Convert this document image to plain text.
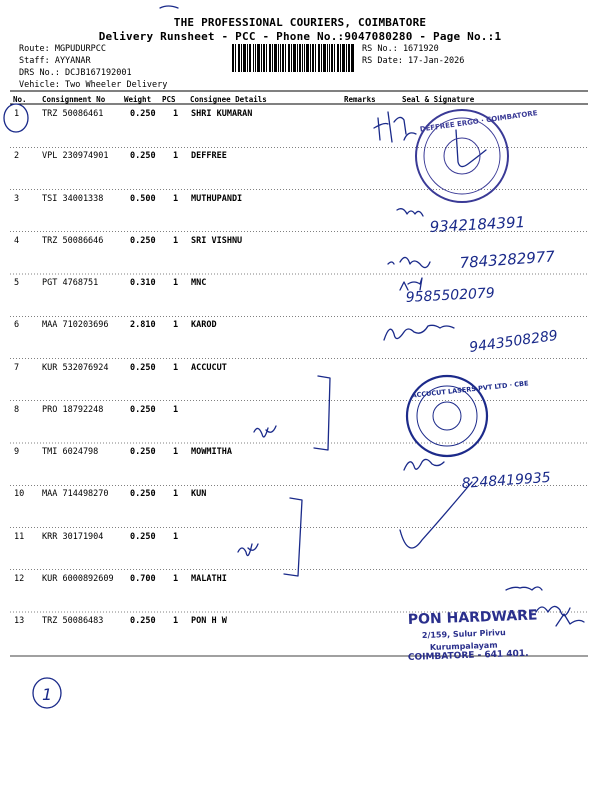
THE PROFESSIONAL COURIERS, COIMBATORE
Delivery Runsheet - PCC - Phone No.:9047080280 - Page No.:1
Route: MGPUDURPCC
Staff: AYYANAR
DRS No.: DCJB167192001
Vehicle: Two Wheeler Delivery
RS No.: 1671920
RS Date: 17-Jan-2026
No. Consignment No	Weight PCS Consignee Details	Remarks	Seal & Signature
1	TRZ 50086461	0.250 1 SHRI KUMARAN
2	VPL 230974901	0.250 1 DEFFREE
3	TSI 34001338	0.500 1 MUTHUPANDI
4	TRZ 50086646	0.250 1 SRI VISHNU
5	PGT 4768751	0.310 1 MNC
6	MAA 710203696	2.810 1 KAROD
7	KUR 532076924	0.250 1 ACCUCUT
8	PRO 18792248	0.250 1
9	TMI 6024798	0.250 1 MOWMITHA
10 MAA 714498270	0.250 1 KUN
11 KRR 30171904	0.250 1
12 KUR 6000892609 0.700 1 MALATHI
13 TRZ 50086483	0.250 1 PON H W
9342184391
7843282977
9585502079
9443508289
8248419935
1
DEFFREE ERGO · COIMBATORE
ACCUCUT LASERS PVT LTD · CBE
PON HARDWARE
2/159, Sulur Pirivu
Kurumpalayam
COIMBATORE - 641 401.
